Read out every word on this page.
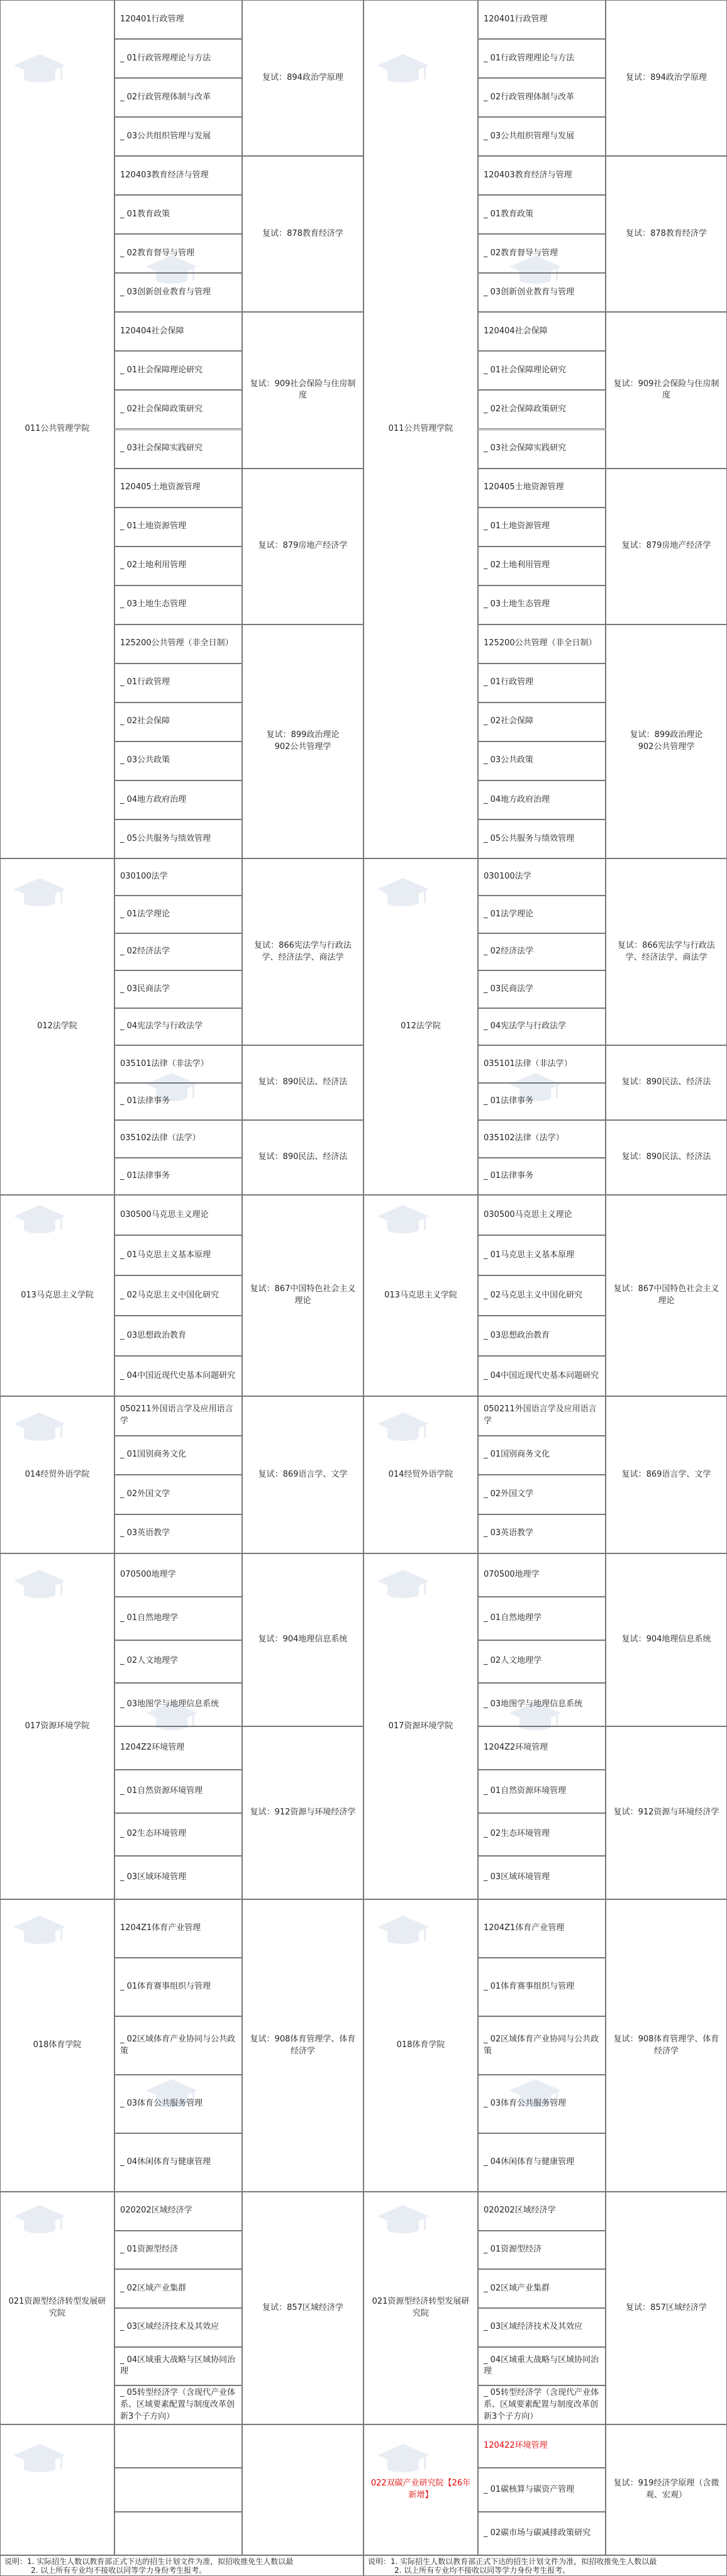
011公共管理学院
120401行政管理
_ 01行政管理理论与方法
_ 02行政管理体制与改革
_ 03公共组织管理与发展
120403教育经济与管理
_ 01教育政策
_ 02教育督导与管理
_ 03创新创业教育与管理
120404社会保障
_ 01社会保障理论研究
_ 02社会保障政策研究
_ 03社会保障实践研究
120405土地资源管理
_ 01土地资源管理
_ 02土地利用管理
_ 03土地生态管理
125200公共管理（非全日制）
_ 01行政管理
_ 02社会保障
_ 03公共政策
_ 04地方政府治理
_ 05公共服务与绩效管理
复试：894政治学原理
复试：878教育经济学
复试：909社会保险与住房制度
复试：879房地产经济学
复试：899政治理论
902公共管理学
012法学院
030100法学
_ 01法学理论
_ 02经济法学
_ 03民商法学
_ 04宪法学与行政法学
035101法律（非法学）
_ 01法律事务
035102法律（法学）
_ 01法律事务
复试：866宪法学与行政法学、经济法学、商法学
复试：890民法、经济法
复试：890民法、经济法
013马克思主义学院
030500马克思主义理论
_ 01马克思主义基本原理
_ 02马克思主义中国化研究
_ 03思想政治教育
_ 04中国近现代史基本问题研究
复试：867中国特色社会主义理论
014经贸外语学院
050211外国语言学及应用语言学
_ 01国别商务文化
_ 02外国文学
_ 03英语教学
复试：869语言学、文学
017资源环境学院
070500地理学
_ 01自然地理学
_ 02人文地理学
_ 03地图学与地理信息系统
1204Z2环境管理
_ 01自然资源环境管理
_ 02生态环境管理
_ 03区域环境管理
复试：904地理信息系统
复试：912资源与环境经济学
018体育学院
1204Z1体育产业管理
_ 01体育赛事组织与管理
_ 02区域体育产业协同与公共政策
_ 03体育公共服务管理
_ 04休闲体育与健康管理
复试：908体育管理学、体育经济学
021资源型经济转型发展研究院
020202区域经济学
_ 01资源型经济
_ 02区域产业集群
_ 03区域经济技术及其效应
_ 04区域重大战略与区域协同治理
_ 05转型经济学（含现代产业体系、区域要素配置与制度改革创新3个子方向）
复试：857区域经济学
说明：1. 实际招生人数以教育部正式下达的招生计划文件为准，拟招收推免生人数以最
2. 以上所有专业均不接收以同等学力身份考生报考。
011公共管理学院
120401行政管理
_ 01行政管理理论与方法
_ 02行政管理体制与改革
_ 03公共组织管理与发展
120403教育经济与管理
_ 01教育政策
_ 02教育督导与管理
_ 03创新创业教育与管理
120404社会保障
_ 01社会保障理论研究
_ 02社会保障政策研究
_ 03社会保障实践研究
120405土地资源管理
_ 01土地资源管理
_ 02土地利用管理
_ 03土地生态管理
125200公共管理（非全日制）
_ 01行政管理
_ 02社会保障
_ 03公共政策
_ 04地方政府治理
_ 05公共服务与绩效管理
复试：894政治学原理
复试：878教育经济学
复试：909社会保险与住房制度
复试：879房地产经济学
复试：899政治理论
902公共管理学
012法学院
030100法学
_ 01法学理论
_ 02经济法学
_ 03民商法学
_ 04宪法学与行政法学
035101法律（非法学）
_ 01法律事务
035102法律（法学）
_ 01法律事务
复试：866宪法学与行政法学、经济法学、商法学
复试：890民法、经济法
复试：890民法、经济法
013马克思主义学院
030500马克思主义理论
_ 01马克思主义基本原理
_ 02马克思主义中国化研究
_ 03思想政治教育
_ 04中国近现代史基本问题研究
复试：867中国特色社会主义理论
014经贸外语学院
050211外国语言学及应用语言学
_ 01国别商务文化
_ 02外国文学
_ 03英语教学
复试：869语言学、文学
017资源环境学院
070500地理学
_ 01自然地理学
_ 02人文地理学
_ 03地图学与地理信息系统
1204Z2环境管理
_ 01自然资源环境管理
_ 02生态环境管理
_ 03区域环境管理
复试：904地理信息系统
复试：912资源与环境经济学
018体育学院
1204Z1体育产业管理
_ 01体育赛事组织与管理
_ 02区域体育产业协同与公共政策
_ 03体育公共服务管理
_ 04休闲体育与健康管理
复试：908体育管理学、体育经济学
021资源型经济转型发展研究院
020202区域经济学
_ 01资源型经济
_ 02区域产业集群
_ 03区域经济技术及其效应
_ 04区域重大战略与区域协同治理
_ 05转型经济学（含现代产业体系、区域要素配置与制度改革创新3个子方向）
复试：857区域经济学
022双碳产业研究院【26年新增】
120422环境管理
_ 01碳核算与碳资产管理
_ 02碳市场与碳减排政策研究
复试：919经济学原理（含微观、宏观）
说明：1. 实际招生人数以教育部正式下达的招生计划文件为准，拟招收推免生人数以最
2. 以上所有专业均不接收以同等学力身份考生报考。
